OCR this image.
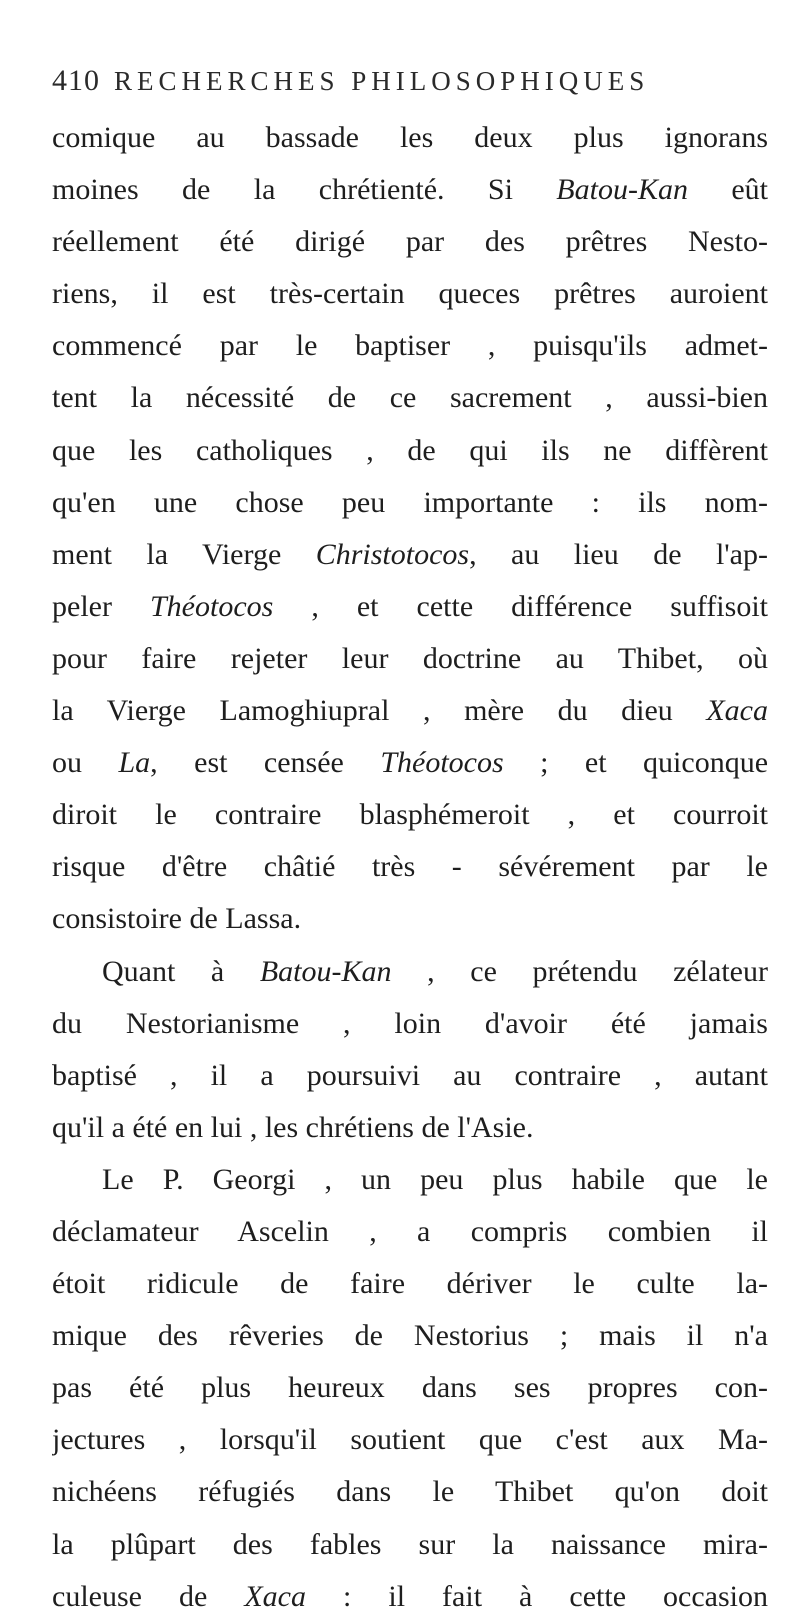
410 RECHERCHES PHILOSOPHIQUES
comique au bassade les deux plus ignorans
moines de la chrétienté. Si Batou-Kan eût
réellement été dirigé par des prêtres Nesto-
riens, il est très-certain queces prêtres auroient
commencé par le baptiser , puisqu'ils admet-
tent la nécessité de ce sacrement , aussi-bien
que les catholiques , de qui ils ne diffèrent
qu'en une chose peu importante : ils nom-
ment la Vierge Christotocos, au lieu de l'ap-
peler Théotocos , et cette différence suffisoit
pour faire rejeter leur doctrine au Thibet, où
la Vierge Lamoghiupral , mère du dieu Xaca
ou La, est censée Théotocos ; et quiconque
diroit le contraire blasphémeroit , et courroit
risque d'être châtié très - sévérement par le
consistoire de Lassa.
Quant à Batou-Kan , ce prétendu zélateur
du Nestorianisme , loin d'avoir été jamais
baptisé , il a poursuivi au contraire , autant
qu'il a été en lui , les chrétiens de l'Asie.
Le P. Georgi , un peu plus habile que le
déclamateur Ascelin , a compris combien il
étoit ridicule de faire dériver le culte la-
mique des rêveries de Nestorius ; mais il n'a
pas été plus heureux dans ses propres con-
jectures , lorsqu'il soutient que c'est aux Ma-
nichéens réfugiés dans le Thibet qu'on doit
la plûpart des fables sur la naissance mira-
culeuse de Xaca : il fait à cette occasion
